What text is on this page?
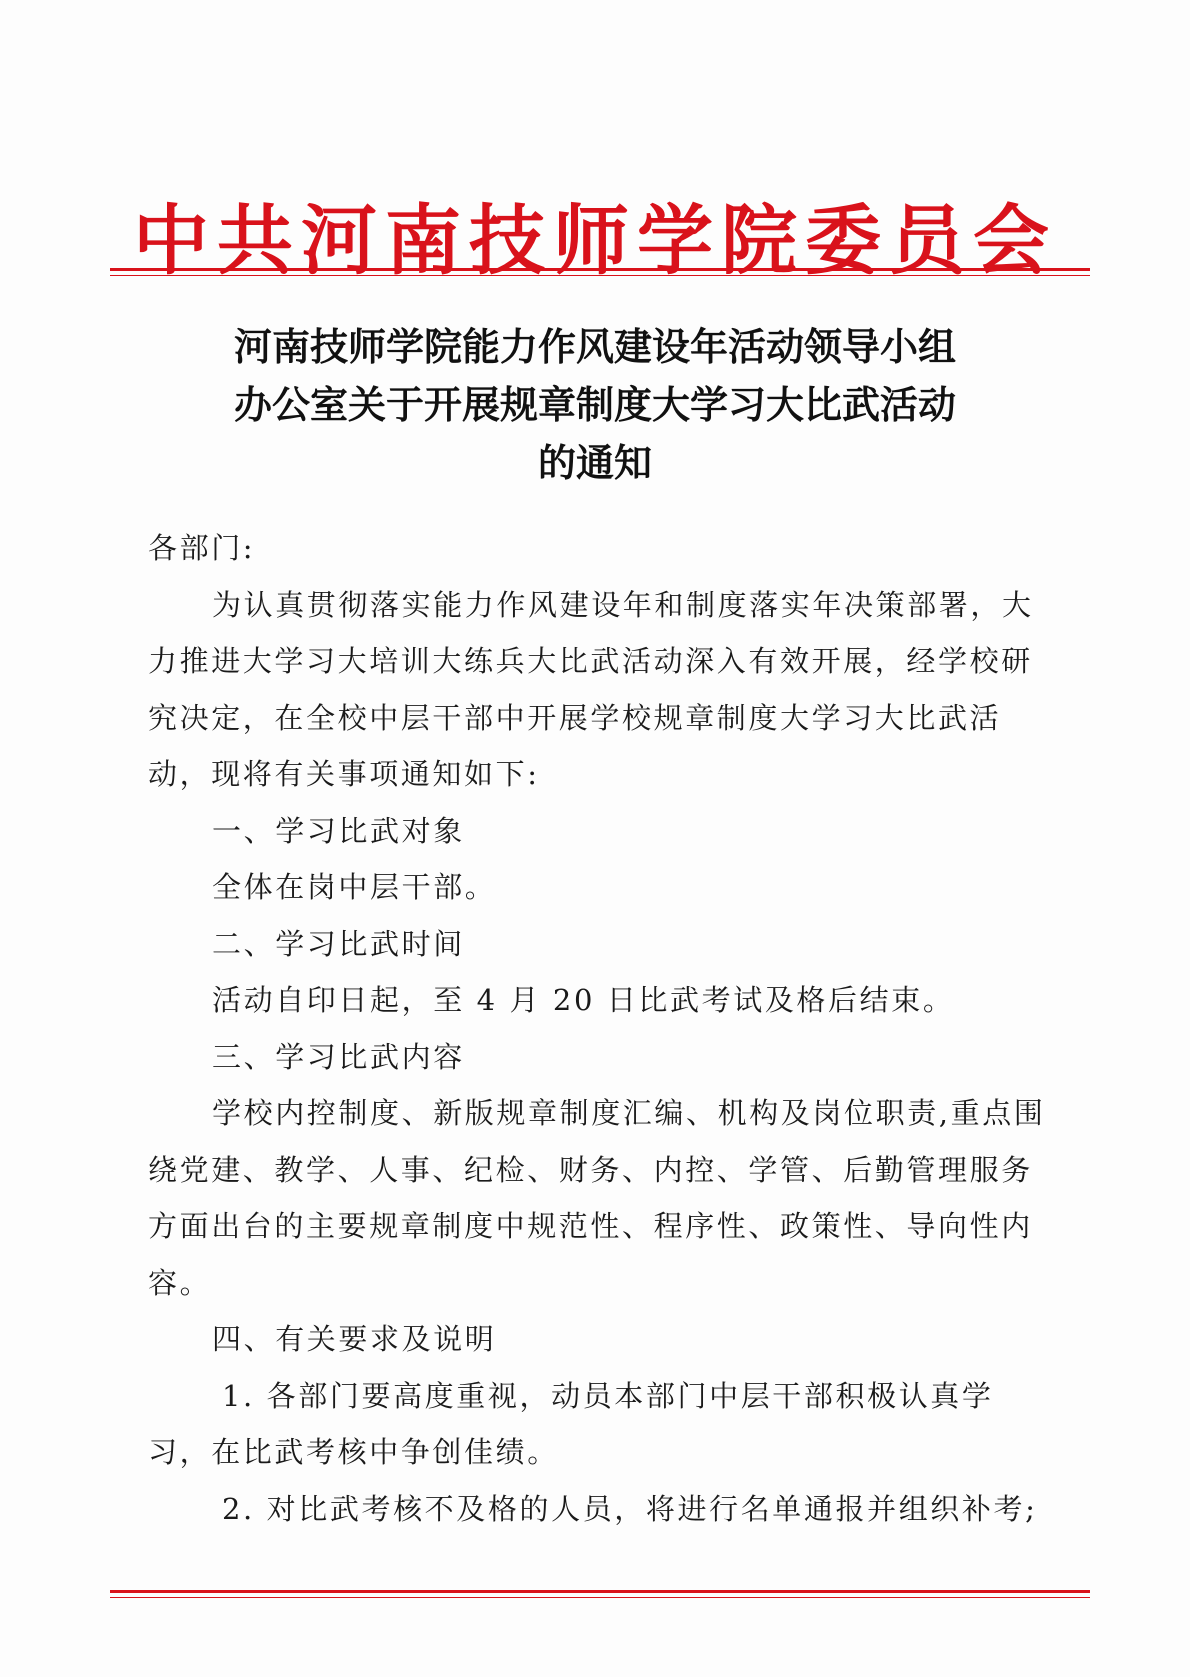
中共河南技师学院委员会
河南技师学院能力作风建设年活动领导小组
办公室关于开展规章制度大学习大比武活动
的通知

各部门:

为认真贯彻落实能力作风建设年和制度落实年决策部署，大力推进大学习大培训大练兵大比武活动深入有效开展，经学校研究决定，在全校中层干部中开展学校规章制度大学习大比武活动，现将有关事项通知如下:

一、学习比武对象

全体在岗中层干部。

二、学习比武时间

活动自印日起，至 4 月 20 日比武考试及格后结束。

三、学习比武内容

学校内控制度、新版规章制度汇编、机构及岗位职责,重点围绕党建、教学、人事、纪检、财务、内控、学管、后勤管理服务方面出台的主要规章制度中规范性、程序性、政策性、导向性内容。

四、有关要求及说明

1. 各部门要高度重视，动员本部门中层干部积极认真学习，在比武考核中争创佳绩。

2. 对比武考核不及格的人员，将进行名单通报并组织补考;
